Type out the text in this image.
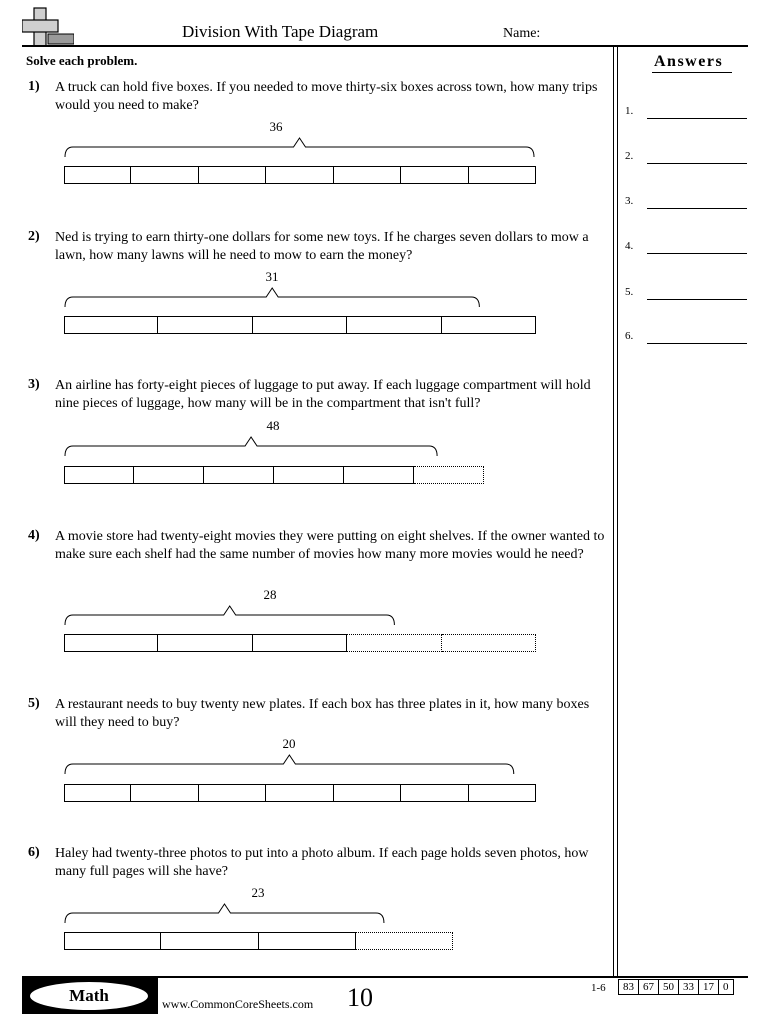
Division With Tape Diagram	Name:
Solve each problem.	Answers
1.
2.
3.
4.
5.
6.
1) A truck can hold five boxes. If you needed to move thirty-six boxes across town, how many trips would you need to make?
36
2) Ned is trying to earn thirty-one dollars for some new toys. If he charges seven dollars to mow a lawn, how many lawns will he need to mow to earn the money?
31
3) An airline has forty-eight pieces of luggage to put away. If each luggage compartment will hold nine pieces of luggage, how many will be in the compartment that isn't full?
48
4) A movie store had twenty-eight movies they were putting on eight shelves. If the owner wanted to make sure each shelf had the same number of movies how many more movies would he need?
28
5) A restaurant needs to buy twenty new plates. If each box has three plates in it, how many boxes will they need to buy?
20
6) Haley had twenty-three photos to put into a photo album. If each page holds seven photos, how many full pages will she have?
23
Math	www.CommonCoreSheets.com 10	1-6	83 67 50 33 17 0
